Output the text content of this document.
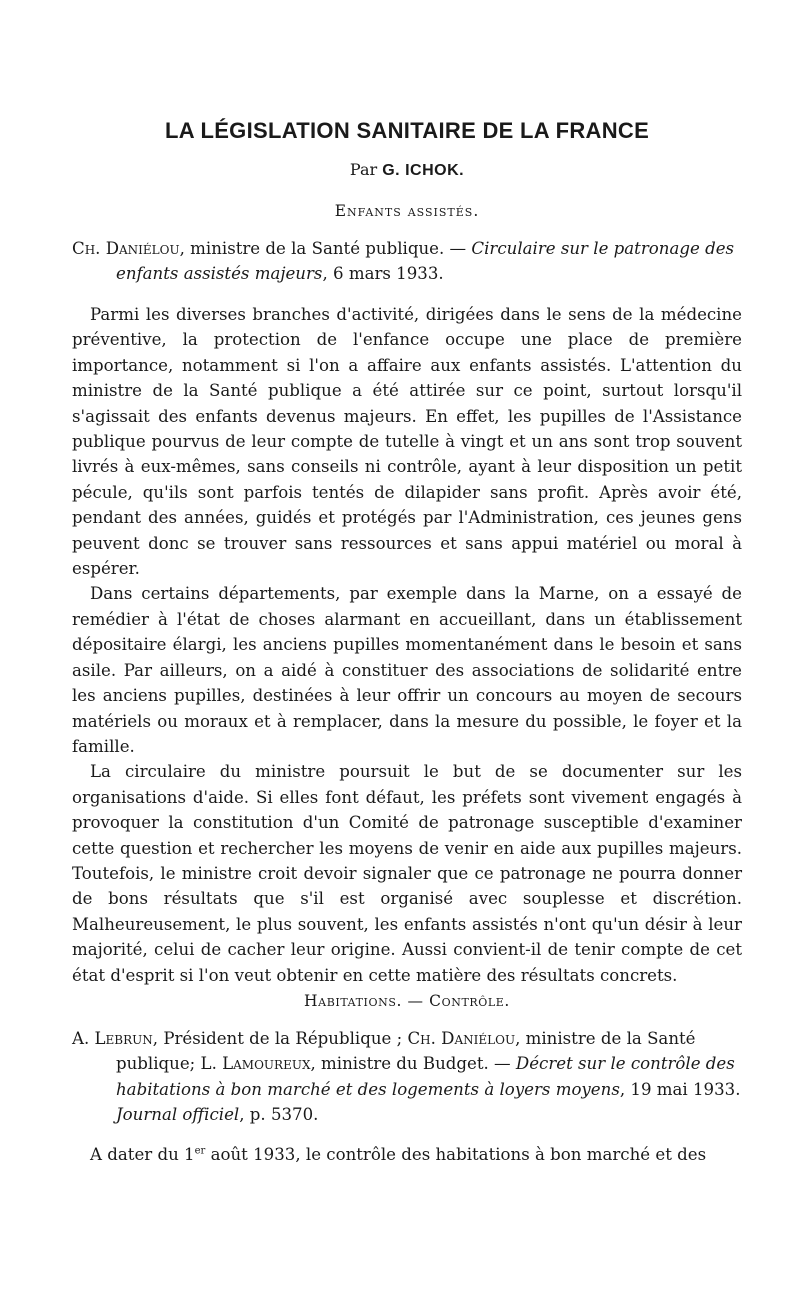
LA LÉGISLATION SANITAIRE DE LA FRANCE
Par G. ICHOK.
Enfants assistés.
Ch. Daniélou, ministre de la Santé publique. — Circulaire sur le patronage des enfants assistés majeurs, 6 mars 1933.

Parmi les diverses branches d'activité, dirigées dans le sens de la médecine préventive, la protection de l'enfance occupe une place de première importance, notamment si l'on a affaire aux enfants assistés. L'attention du ministre de la Santé publique a été attirée sur ce point, surtout lorsqu'il s'agissait des enfants devenus majeurs. En effet, les pupilles de l'Assistance publique pourvus de leur compte de tutelle à vingt et un ans sont trop souvent livrés à eux-mêmes, sans conseils ni contrôle, ayant à leur disposition un petit pécule, qu'ils sont parfois tentés de dilapider sans profit. Après avoir été, pendant des années, guidés et protégés par l'Administration, ces jeunes gens peuvent donc se trouver sans ressources et sans appui matériel ou moral à espérer.

Dans certains départements, par exemple dans la Marne, on a essayé de remédier à l'état de choses alarmant en accueillant, dans un établissement dépositaire élargi, les anciens pupilles momentanément dans le besoin et sans asile. Par ailleurs, on a aidé à constituer des associations de solidarité entre les anciens pupilles, destinées à leur offrir un concours au moyen de secours matériels ou moraux et à remplacer, dans la mesure du possible, le foyer et la famille.

La circulaire du ministre poursuit le but de se documenter sur les organisations d'aide. Si elles font défaut, les préfets sont vivement engagés à provoquer la constitution d'un Comité de patronage susceptible d'examiner cette question et rechercher les moyens de venir en aide aux pupilles majeurs. Toutefois, le ministre croit devoir signaler que ce patronage ne pourra donner de bons résultats que s'il est organisé avec souplesse et discrétion. Malheureusement, le plus souvent, les enfants assistés n'ont qu'un désir à leur majorité, celui de cacher leur origine. Aussi convient-il de tenir compte de cet état d'esprit si l'on veut obtenir en cette matière des résultats concrets.

Habitations. — Contrôle.
A. Lebrun, Président de la République ; Ch. Daniélou, ministre de la Santé publique; L. Lamoureux, ministre du Budget. — Décret sur le contrôle des habitations à bon marché et des logements à loyers moyens, 19 mai 1933. Journal officiel, p. 5370.
A dater du 1er août 1933, le contrôle des habitations à bon marché et des
